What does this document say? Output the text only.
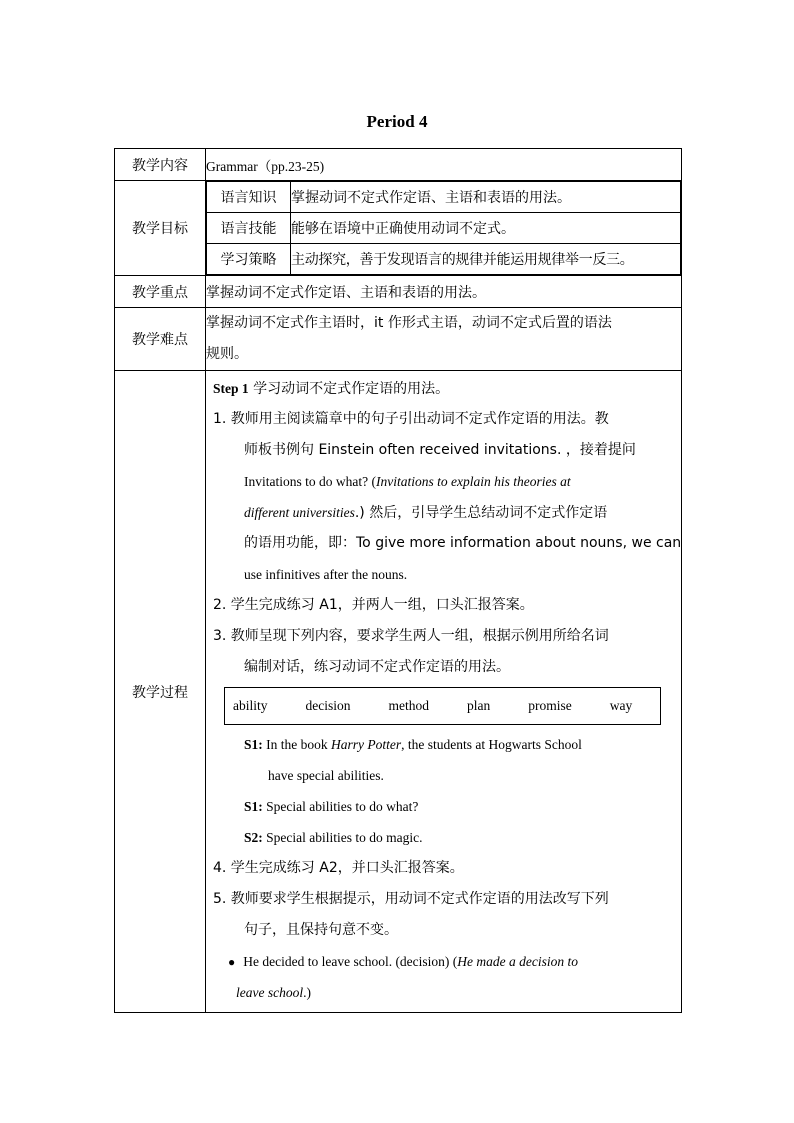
Period 4
教学内容	Grammar（pp.23-25)
教学目标	
语言知识	掌握动词不定式作定语、主语和表语的用法。
语言技能	能够在语境中正确使用动词不定式。
学习策略	主动探究，善于发现语言的规律并能运用规律举一反三。

教学重点	掌握动词不定式作定语、主语和表语的用法。
教学难点	
掌握动词不定式作主语时，it 作形式主语，动词不定式后置的语法
规则。

教学过程	
Step 1 学习动词不定式作定语的用法。
1. 教师用主阅读篇章中的句子引出动词不定式作定语的用法。教
师板书例句 Einstein often received invitations. ，接着提问
Invitations to do what? (Invitations to explain his theories at
different universities.) 然后，引导学生总结动词不定式作定语
的语用功能，即：To give more information about nouns, we can
use infinitives after the nouns.
2. 学生完成练习 A1，并两人一组，口头汇报答案。
3. 教师呈现下列内容，要求学生两人一组，根据示例用所给名词
编制对话，练习动词不定式作定语的用法。
ability	decision	method	plan	promise	way
S1: In the book Harry Potter, the students at Hogwarts School
have special abilities.
S1: Special abilities to do what?
S2: Special abilities to do magic.
4. 学生完成练习 A2，并口头汇报答案。
5. 教师要求学生根据提示，用动词不定式作定语的用法改写下列
句子，且保持句意不变。
● He decided to leave school. (decision) (He made a decision to
leave school.)
